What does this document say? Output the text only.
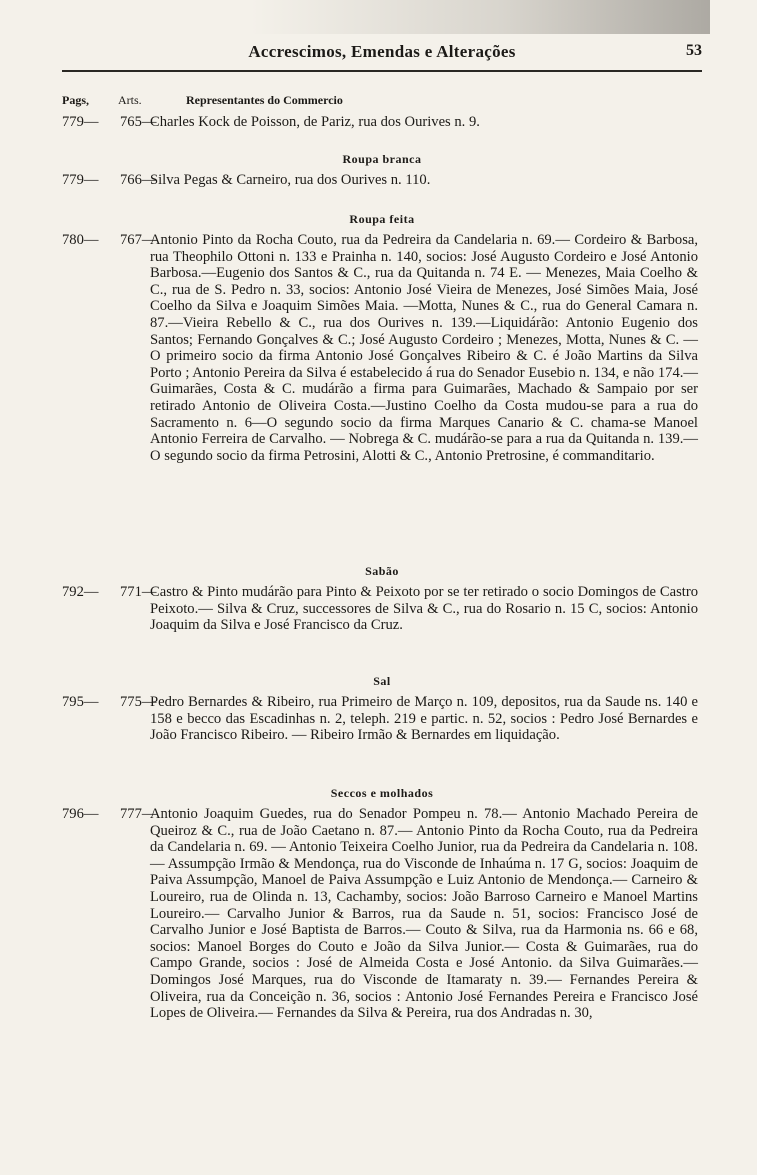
Accrescimos, Emendas e Alterações	53
Pags, Arts.	Representantes do Commercio
779— 765—
Charles Kock de Poisson, de Pariz, rua dos Ourives n. 9.
Roupa branca
779— 766—
Silva Pegas & Carneiro, rua dos Ourives n. 110.
Roupa feita
780— 767—
Antonio Pinto da Rocha Couto, rua da Pedreira da Candelaria n. 69.— Cordeiro & Barbosa, rua Theophilo Ottoni n. 133 e Prainha n. 140, socios: José Augusto Cordeiro e José Antonio Barbosa.—Eugenio dos Santos & C., rua da Quitanda n. 74 E. — Menezes, Maia Coelho & C., rua de S. Pedro n. 33, socios: Antonio José Vieira de Menezes, José Simões Maia, José Coelho da Silva e Joaquim Simões Maia. —Motta, Nunes & C., rua do General Camara n. 87.—Vieira Rebello & C., rua dos Ourives n. 139.—Liquidárão: Antonio Eugenio dos Santos; Fernando Gonçalves & C.; José Augusto Cordeiro ; Menezes, Motta, Nunes & C. — O primeiro socio da firma Antonio José Gonçalves Ribeiro & C. é João Martins da Silva Porto ; Antonio Pereira da Silva é estabelecido á rua do Senador Eusebio n. 134, e não 174.—Guimarães, Costa & C. mudárão a firma para Guimarães, Machado & Sampaio por ser retirado Antonio de Oliveira Costa.—Justino Coelho da Costa mudou-se para a rua do Sacramento n. 6—O segundo socio da firma Marques Canario & C. chama-se Manoel Antonio Ferreira de Carvalho. — Nobrega & C. mudárão-se para a rua da Quitanda n. 139.—O segundo socio da firma Petrosini, Alotti & C., Antonio Pretrosine, é commanditario.
Sabão
792— 771—
Castro & Pinto mudárão para Pinto & Peixoto por se ter retirado o socio Domingos de Castro Peixoto.— Silva & Cruz, successores de Silva & C., rua do Rosario n. 15 C, socios: Antonio Joaquim da Silva e José Francisco da Cruz.
Sal
795— 775—
Pedro Bernardes & Ribeiro, rua Primeiro de Março n. 109, depositos, rua da Saude ns. 140 e 158 e becco das Escadinhas n. 2, teleph. 219 e partic. n. 52, socios : Pedro José Bernardes e João Francisco Ribeiro. — Ribeiro Irmão & Bernardes em liquidação.
Seccos e molhados
796— 777—
Antonio Joaquim Guedes, rua do Senador Pompeu n. 78.— Antonio Machado Pereira de Queiroz & C., rua de João Caetano n. 87.— Antonio Pinto da Rocha Couto, rua da Pedreira da Candelaria n. 69. — Antonio Teixeira Coelho Junior, rua da Pedreira da Candelaria n. 108.— Assumpção Irmão & Mendonça, rua do Visconde de Inhaúma n. 17 G, socios: Joaquim de Paiva Assumpção, Manoel de Paiva Assumpção e Luiz Antonio de Mendonça.— Carneiro & Loureiro, rua de Olinda n. 13, Cachamby, socios: João Barroso Carneiro e Manoel Martins Loureiro.— Carvalho Junior & Barros, rua da Saude n. 51, socios: Francisco José de Carvalho Junior e José Baptista de Barros.— Couto & Silva, rua da Harmonia ns. 66 e 68, socios: Manoel Borges do Couto e João da Silva Junior.— Costa & Guimarães, rua do Campo Grande, socios : José de Almeida Costa e José Antonio. da Silva Guimarães.— Domingos José Marques, rua do Visconde de Itamaraty n. 39.— Fernandes Pereira & Oliveira, rua da Conceição n. 36, socios : Antonio José Fernandes Pereira e Francisco José Lopes de Oliveira.— Fernandes da Silva & Pereira, rua dos Andradas n. 30,
